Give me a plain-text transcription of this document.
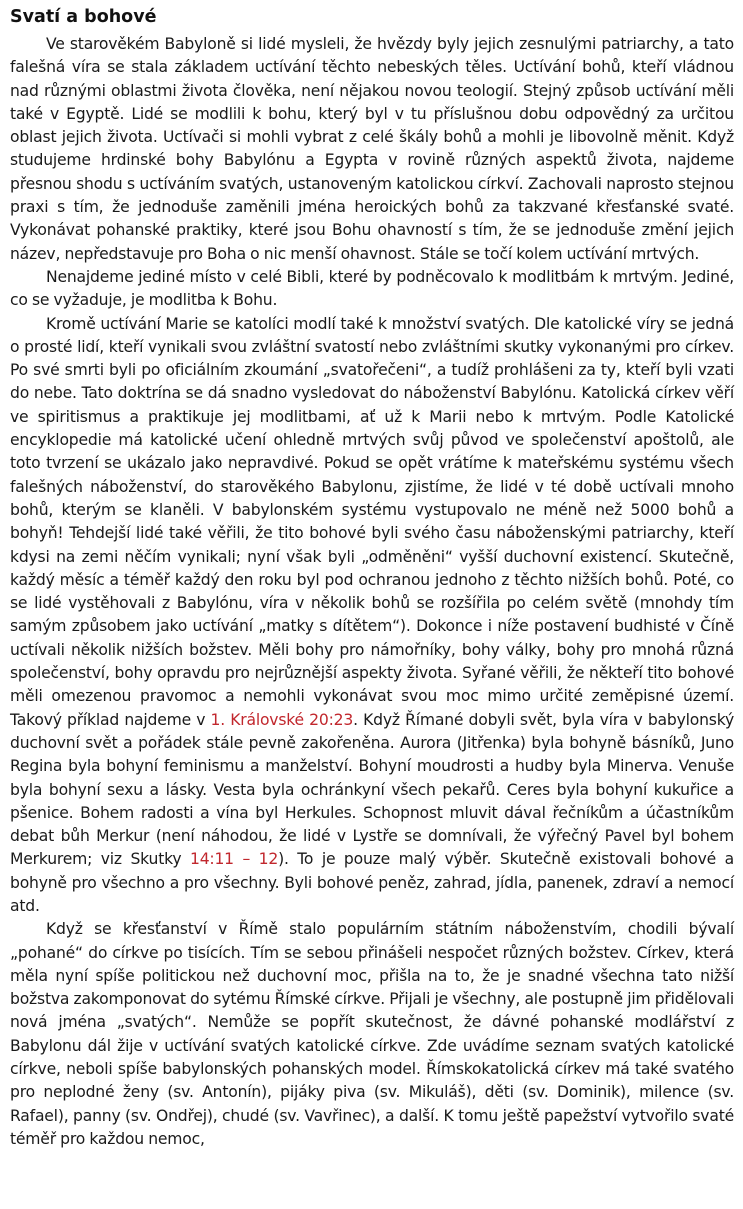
Svatí a bohové

Ve starověkém Babyloně si lidé mysleli, že hvězdy byly jejich zesnulými patriarchy, a tato falešná víra se stala základem uctívání těchto nebeských těles. Uctívání bohů, kteří vládnou nad různými oblastmi života člověka, není nějakou novou teologií. Stejný způsob uctívání měli také v Egyptě. Lidé se modlili k bohu, který byl v tu příslušnou dobu odpovědný za určitou oblast jejich života. Uctívači si mohli vybrat z celé škály bohů a mohli je libovolně měnit. Když studujeme hrdinské bohy Babylónu a Egypta v rovině různých aspektů života, najdeme přesnou shodu s uctíváním svatých, ustanoveným katolickou církví. Zachovali naprosto stejnou praxi s tím, že jednoduše zaměnili jména heroických bohů za takzvané křesťanské svaté. Vykonávat pohanské praktiky, které jsou Bohu ohavností s tím, že se jednoduše změní jejich název, nepředstavuje pro Boha o nic menší ohavnost. Stále se točí kolem uctívání mrtvých.

Nenajdeme jediné místo v celé Bibli, které by podněcovalo k modlitbám k mrtvým. Jediné, co se vyžaduje, je modlitba k Bohu.

Kromě uctívání Marie se katolíci modlí také k množství svatých. Dle katolické víry se jedná o prosté lidí, kteří vynikali svou zvláštní svatostí nebo zvláštními skutky vykonanými pro církev. Po své smrti byli po oficiálním zkoumání „svatořečeni“, a tudíž prohlášeni za ty, kteří byli vzati do nebe. Tato doktrína se dá snadno vysledovat do náboženství Babylónu. Katolická církev věří ve spiritismus a praktikuje jej modlitbami, ať už k Marii nebo k mrtvým. Podle Katolické encyklopedie má katolické učení ohledně mrtvých svůj původ ve společenství apoštolů, ale toto tvrzení se ukázalo jako nepravdivé. Pokud se opět vrátíme k mateřskému systému všech falešných náboženství, do starověkého Babylonu, zjistíme, že lidé v té době uctívali mnoho bohů, kterým se klaněli. V babylonském systému vystupovalo ne méně než 5000 bohů a bohyň! Tehdejší lidé také věřili, že tito bohové byli svého času náboženskými patriarchy, kteří kdysi na zemi něčím vynikali; nyní však byli „odměněni“ vyšší duchovní existencí. Skutečně, každý měsíc a téměř každý den roku byl pod ochranou jednoho z těchto nižších bohů. Poté, co se lidé vystěhovali z Babylónu, víra v několik bohů se rozšířila po celém světě (mnohdy tím samým způsobem jako uctívání „matky s dítětem“). Dokonce i níže postavení budhisté v Číně uctívali několik nižších božstev. Měli bohy pro námořníky, bohy války, bohy pro mnohá různá společenství, bohy opravdu pro nejrůznější aspekty života. Syřané věřili, že někteří tito bohové měli omezenou pravomoc a nemohli vykonávat svou moc mimo určité zeměpisné území. Takový příklad najdeme v 1. Královské 20:23. Když Římané dobyli svět, byla víra v babylonský duchovní svět a pořádek stále pevně zakořeněna. Aurora (Jitřenka) byla bohyně básníků, Juno Regina byla bohyní feminismu a manželství. Bohyní moudrosti a hudby byla Minerva. Venuše byla bohyní sexu a lásky. Vesta byla ochránkyní všech pekařů. Ceres byla bohyní kukuřice a pšenice. Bohem radosti a vína byl Herkules. Schopnost mluvit dával řečníkům a účastníkům debat bůh Merkur (není náhodou, že lidé v Lystře se domnívali, že výřečný Pavel byl bohem Merkurem; viz Skutky 14:11 – 12). To je pouze malý výběr. Skutečně existovali bohové a bohyně pro všechno a pro všechny. Byli bohové peněz, zahrad, jídla, panenek, zdraví a nemocí atd.

Když se křesťanství v Římě stalo populárním státním náboženstvím, chodili bývalí „pohané“ do církve po tisících. Tím se sebou přinášeli nespočet různých božstev. Církev, která měla nyní spíše politickou než duchovní moc, přišla na to, že je snadné všechna tato nižší božstva zakomponovat do sytému Římské církve. Přijali je všechny, ale postupně jim přidělovali nová jména „svatých“. Nemůže se popřít skutečnost, že dávné pohanské modlářství z Babylonu dál žije v uctívání svatých katolické církve. Zde uvádíme seznam svatých katolické církve, neboli spíše babylonských pohanských model. Římskokatolická církev má také svatého pro neplodné ženy (sv. Antonín), pijáky piva (sv. Mikuláš), děti (sv. Dominik), milence (sv. Rafael), panny (sv. Ondřej), chudé (sv. Vavřinec), a další. K tomu ještě papežství vytvořilo svaté téměř pro každou nemoc,
